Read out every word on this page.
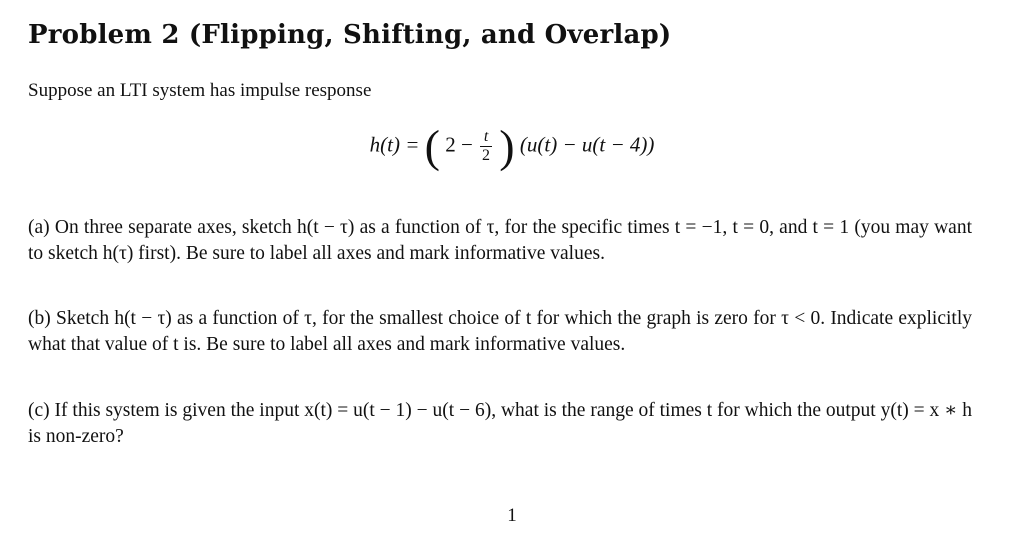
Problem 2 (Flipping, Shifting, and Overlap)
Suppose an LTI system has impulse response
h(t) = ( $2 - \frac{t}{2}$ ) (u(t) − u(t − 4))
(a) On three separate axes, sketch h(t − τ) as a function of τ, for the specific times t = −1, t = 0, and t = 1 (you may want to sketch h(τ) first). Be sure to label all axes and mark informative values.
(b) Sketch h(t − τ) as a function of τ, for the smallest choice of t for which the graph is zero for τ < 0. Indicate explicitly what that value of t is. Be sure to label all axes and mark informative values.
(c) If this system is given the input x(t) = u(t − 1) − u(t − 6), what is the range of times t for which the output y(t) = x ∗ h is non-zero?
1
